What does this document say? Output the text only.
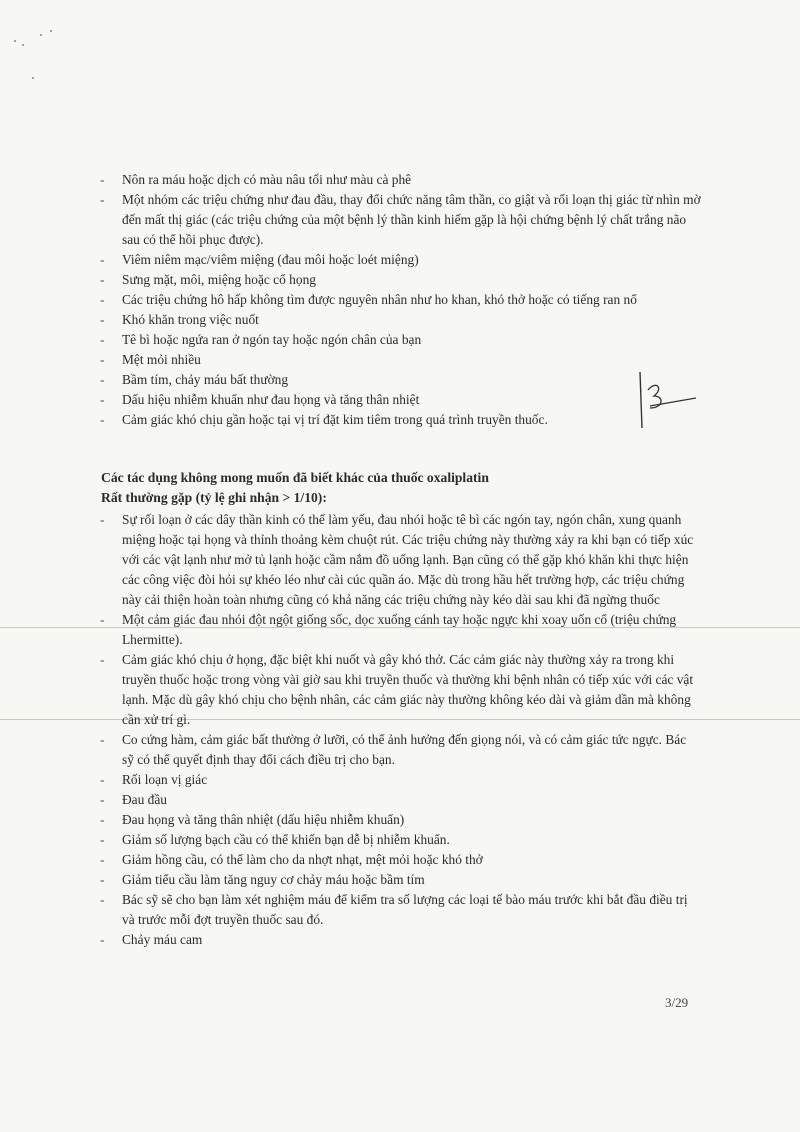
- Nôn ra máu hoặc dịch có màu nâu tối như màu cà phê
- Một nhóm các triệu chứng như đau đầu, thay đổi chức năng tâm thần, co giật và rối loạn thị giác từ nhìn mờ đến mất thị giác (các triệu chứng của một bệnh lý thần kinh hiếm gặp là hội chứng bệnh lý chất trắng não sau có thể hồi phục được).
- Viêm niêm mạc/viêm miệng (đau môi hoặc loét miệng)
- Sưng mặt, môi, miệng hoặc cổ họng
- Các triệu chứng hô hấp không tìm được nguyên nhân như ho khan, khó thở hoặc có tiếng ran nổ
- Khó khăn trong việc nuốt
- Tê bì hoặc ngứa ran ở ngón tay hoặc ngón chân của bạn
- Mệt mỏi nhiều
- Bầm tím, chảy máu bất thường
- Dấu hiệu nhiễm khuẩn như đau họng và tăng thân nhiệt
- Cảm giác khó chịu gần hoặc tại vị trí đặt kim tiêm trong quá trình truyền thuốc.

Các tác dụng không mong muốn đã biết khác của thuốc oxaliplatin

Rất thường gặp (tỷ lệ ghi nhận > 1/10):

- Sự rối loạn ở các dây thần kinh có thể làm yếu, đau nhói hoặc tê bì các ngón tay, ngón chân, xung quanh miệng hoặc tại họng và thỉnh thoảng kèm chuột rút. Các triệu chứng này thường xảy ra khi bạn có tiếp xúc với các vật lạnh như mở tủ lạnh hoặc cầm nắm đồ uống lạnh. Bạn cũng có thể gặp khó khăn khi thực hiện các công việc đòi hỏi sự khéo léo như cài cúc quần áo. Mặc dù trong hầu hết trường hợp, các triệu chứng này cải thiện hoàn toàn nhưng cũng có khả năng các triệu chứng này kéo dài sau khi đã ngừng thuốc
- Một cảm giác đau nhói đột ngột giống sốc, dọc xuống cánh tay hoặc ngực khi xoay uốn cổ (triệu chứng Lhermitte).
- Cảm giác khó chịu ở họng, đặc biệt khi nuốt và gây khó thở. Các cảm giác này thường xảy ra trong khi truyền thuốc hoặc trong vòng vài giờ sau khi truyền thuốc và thường khi bệnh nhân có tiếp xúc với các vật lạnh. Mặc dù gây khó chịu cho bệnh nhân, các cảm giác này thường không kéo dài và giảm dần mà không cần xử trí gì.
- Co cứng hàm, cảm giác bất thường ở lưỡi, có thể ảnh hưởng đến giọng nói, và có cảm giác tức ngực. Bác sỹ có thể quyết định thay đổi cách điều trị cho bạn.
- Rối loạn vị giác
- Đau đầu
- Đau họng và tăng thân nhiệt (dấu hiệu nhiễm khuẩn)
- Giảm số lượng bạch cầu có thể khiến bạn dễ bị nhiễm khuẩn.
- Giảm hồng cầu, có thể làm cho da nhợt nhạt, mệt mỏi hoặc khó thở
- Giảm tiểu cầu làm tăng nguy cơ chảy máu hoặc bầm tím
- Bác sỹ sẽ cho bạn làm xét nghiệm máu để kiểm tra số lượng các loại tế bào máu trước khi bắt đầu điều trị và trước mỗi đợt truyền thuốc sau đó.
- Chảy máu cam
3/29
